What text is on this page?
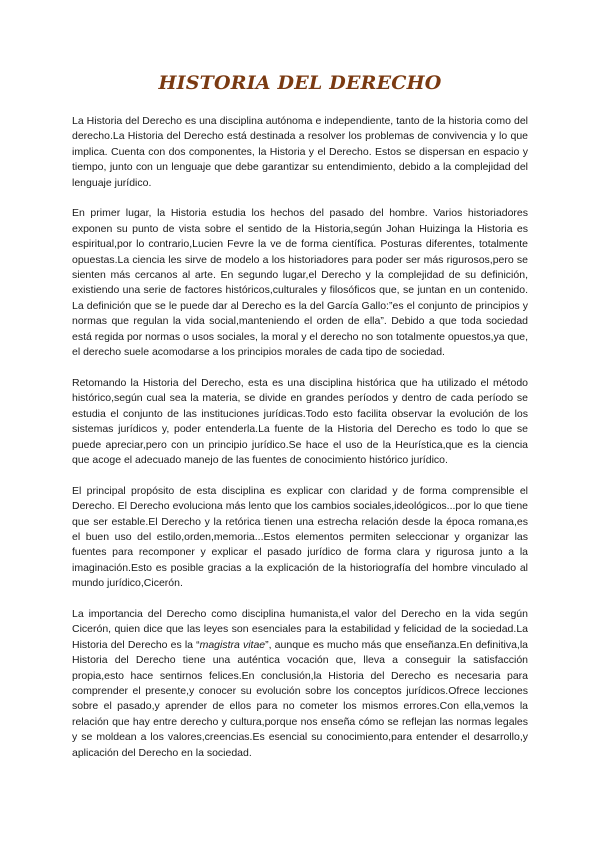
HISTORIA DEL DERECHO

La Historia del Derecho es una disciplina autónoma e independiente, tanto de la historia como del derecho.La Historia del Derecho está destinada a resolver los problemas de convivencia y lo que implica. Cuenta con dos componentes, la Historia y el Derecho. Estos se dispersan en espacio y tiempo, junto con un lenguaje que debe garantizar su entendimiento, debido a la complejidad del lenguaje jurídico.

En primer lugar, la Historia estudia los hechos del pasado del hombre. Varios historiadores exponen su punto de vista sobre el sentido de la Historia,según Johan Huizinga la Historia es espiritual,por lo contrario,Lucien Fevre la ve de forma científica. Posturas diferentes, totalmente opuestas.La ciencia les sirve de modelo a los historiadores para poder ser más rigurosos,pero se sienten más cercanos al arte. En segundo lugar,el Derecho y la complejidad de su definición, existiendo una serie de factores históricos,culturales y filosóficos que, se juntan en un contenido. La definición que se le puede dar al Derecho es la del García Gallo:”es el conjunto de principios y normas que regulan la vida social,manteniendo el orden de ella”. Debido a que toda sociedad está regida por normas o usos sociales, la moral y el derecho no son totalmente opuestos,ya que, el derecho suele acomodarse a los principios morales de cada tipo de sociedad.

Retomando la Historia del Derecho, esta es una disciplina histórica que ha utilizado el método histórico,según cual sea la materia, se divide en grandes períodos y dentro de cada período se estudia el conjunto de las instituciones jurídicas.Todo esto facilita observar la evolución de los sistemas jurídicos y, poder entenderla.La fuente de la Historia del Derecho es todo lo que se puede apreciar,pero con un principio jurídico.Se hace el uso de la Heurística,que es la ciencia que acoge el adecuado manejo de las fuentes de conocimiento histórico jurídico.

El principal propósito de esta disciplina es explicar con claridad y de forma comprensible el Derecho. El Derecho evoluciona más lento que los cambios sociales,ideológicos...por lo que tiene que ser estable.El Derecho y la retórica tienen una estrecha relación desde la época romana,es el buen uso del estilo,orden,memoria...Estos elementos permiten seleccionar y organizar las fuentes para recomponer y explicar el pasado jurídico de forma clara y rigurosa junto a la imaginación.Esto es posible gracias a la explicación de la historiografía del hombre vinculado al mundo jurídico,Cicerón.

La importancia del Derecho como disciplina humanista,el valor del Derecho en la vida según Cicerón, quien dice que las leyes son esenciales para la estabilidad y felicidad de la sociedad.La Historia del Derecho es la “magistra vitae”, aunque es mucho más que enseñanza.En definitiva,la Historia del Derecho tiene una auténtica vocación que, lleva a conseguir la satisfacción propia,esto hace sentirnos felices.En conclusión,la Historia del Derecho es necesaria para comprender el presente,y conocer su evolución sobre los conceptos jurídicos.Ofrece lecciones sobre el pasado,y aprender de ellos para no cometer los mismos errores.Con ella,vemos la relación que hay entre derecho y cultura,porque nos enseña cómo se reflejan las normas legales y se moldean a los valores,creencias.Es esencial su conocimiento,para entender el desarrollo,y aplicación del Derecho en la sociedad.
